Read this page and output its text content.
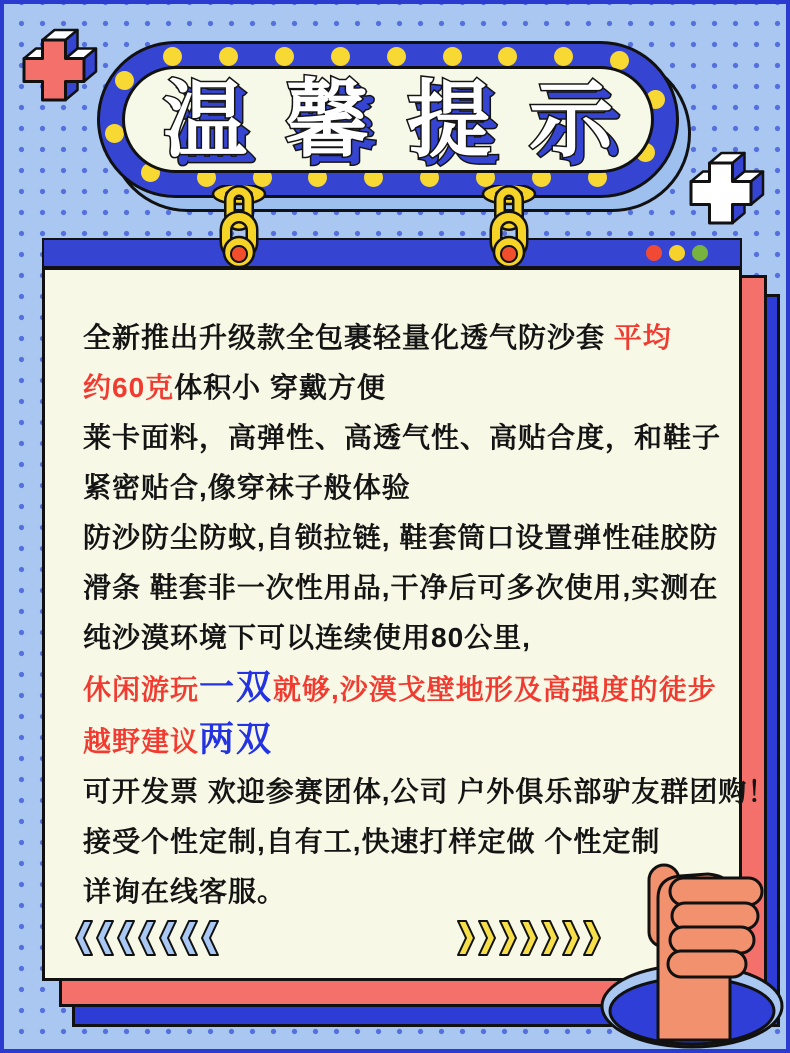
温馨提示 温馨提示
全新推出升级款全包裹轻量化透气防沙套 平均
约60克体积小 穿戴方便
莱卡面料，高弹性、高透气性、高贴合度，和鞋子
紧密贴合,像穿袜子般体验
防沙防尘防蚊,自锁拉链, 鞋套筒口设置弹性硅胶防
滑条 鞋套非一次性用品,干净后可多次使用,实测在
纯沙漠环境下可以连续使用80公里,
休闲游玩一双就够,沙漠戈壁地形及高强度的徒步
越野建议两双
可开发票 欢迎参赛团体,公司 户外俱乐部驴友群团购！
接受个性定制,自有工,快速打样定做 个性定制
详询在线客服。
